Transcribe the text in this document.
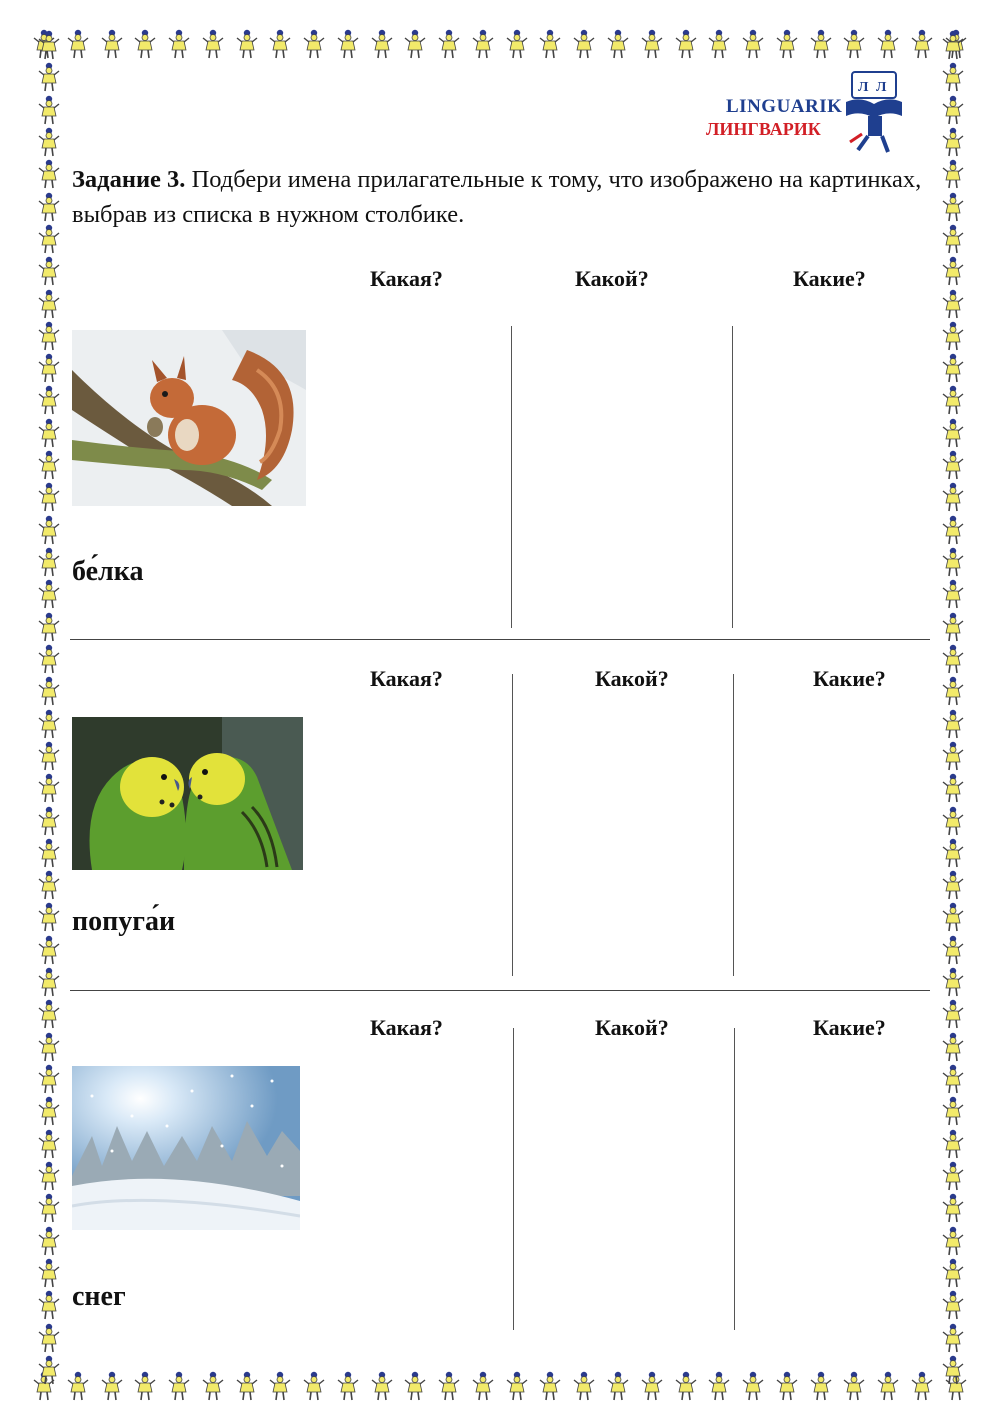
LINGUARIK
ЛИНГВАРИК
Л Л
Задание 3. Подбери имена прилагательные к тому, что изображено на картинках, выбрав из списка в нужном столбике.
Какая?	Какой?	Какие?
бе́лка
Какая?	Какой?	Какие?
попуга́и
Какая?	Какой?	Какие?
снег
